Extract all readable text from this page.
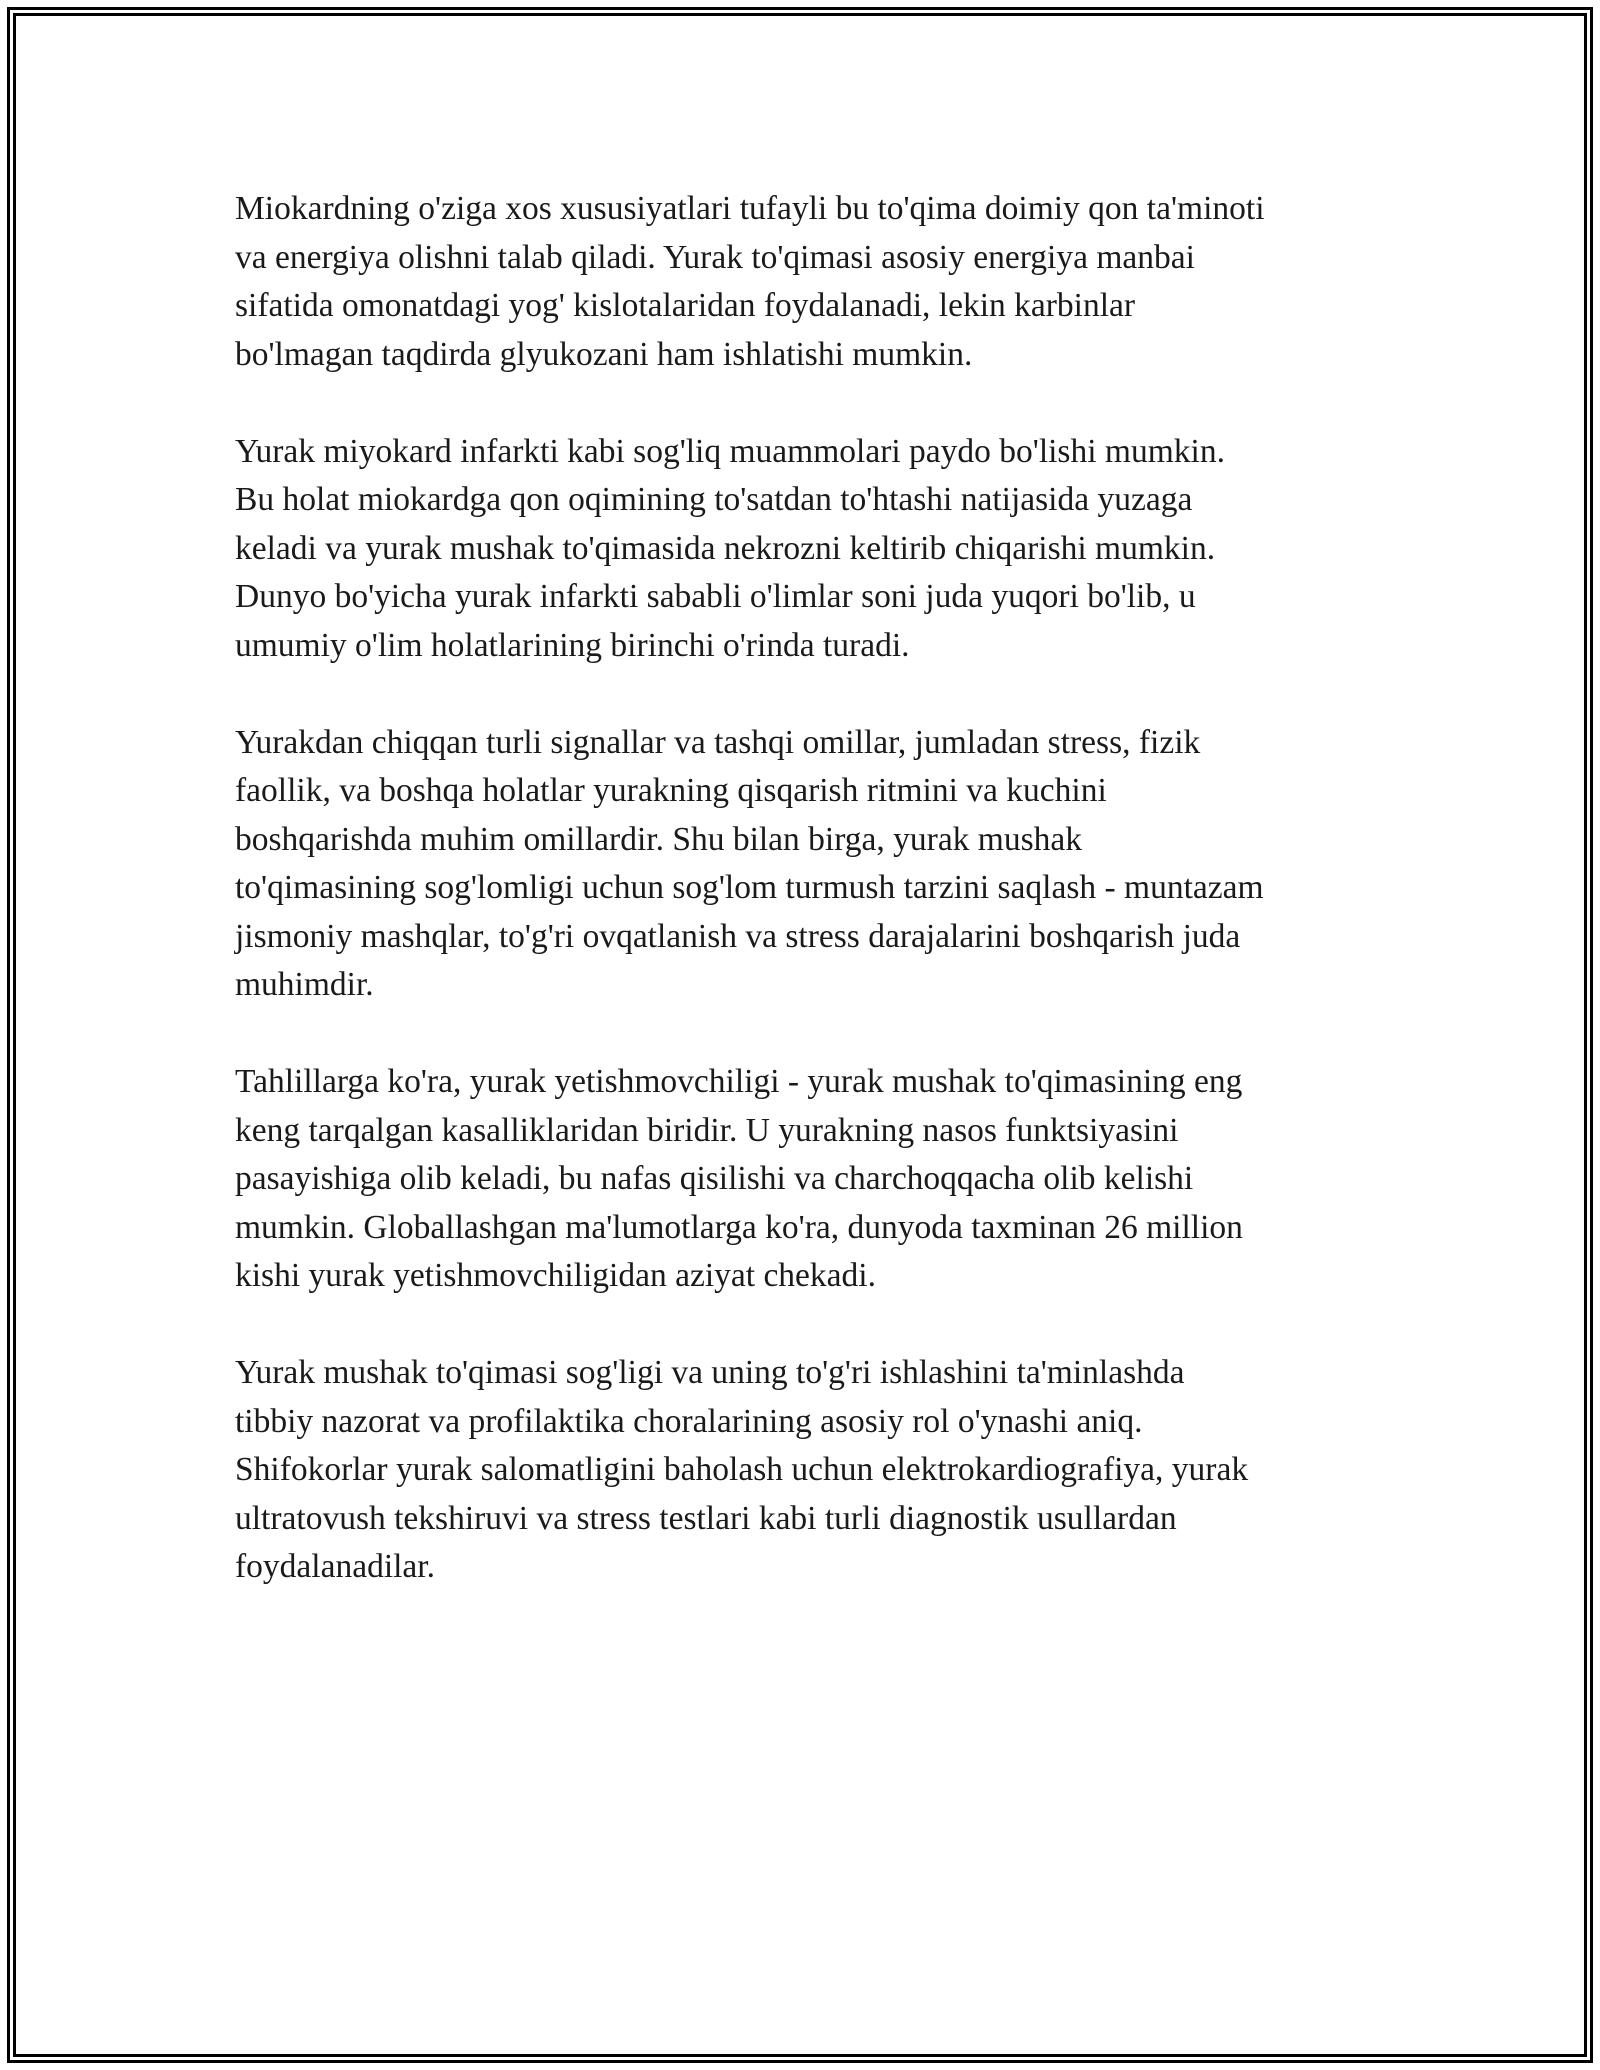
Miokardning o'ziga xos xususiyatlari tufayli bu to'qima doimiy qon ta'minoti
va energiya olishni talab qiladi. Yurak to'qimasi asosiy energiya manbai
sifatida omonatdagi yog' kislotalaridan foydalanadi, lekin karbinlar
bo'lmagan taqdirda glyukozani ham ishlatishi mumkin.

Yurak miyokard infarkti kabi sog'liq muammolari paydo bo'lishi mumkin.
Bu holat miokardga qon oqimining to'satdan to'htashi natijasida yuzaga
keladi va yurak mushak to'qimasida nekrozni keltirib chiqarishi mumkin.
Dunyo bo'yicha yurak infarkti sababli o'limlar soni juda yuqori bo'lib, u
umumiy o'lim holatlarining birinchi o'rinda turadi.

Yurakdan chiqqan turli signallar va tashqi omillar, jumladan stress, fizik
faollik, va boshqa holatlar yurakning qisqarish ritmini va kuchini
boshqarishda muhim omillardir. Shu bilan birga, yurak mushak
to'qimasining sog'lomligi uchun sog'lom turmush tarzini saqlash - muntazam
jismoniy mashqlar, to'g'ri ovqatlanish va stress darajalarini boshqarish juda
muhimdir.

Tahlillarga ko'ra, yurak yetishmovchiligi - yurak mushak to'qimasining eng
keng tarqalgan kasalliklaridan biridir. U yurakning nasos funktsiyasini
pasayishiga olib keladi, bu nafas qisilishi va charchoqqacha olib kelishi
mumkin. Globallashgan ma'lumotlarga ko'ra, dunyoda taxminan 26 million
kishi yurak yetishmovchiligidan aziyat chekadi.

Yurak mushak to'qimasi sog'ligi va uning to'g'ri ishlashini ta'minlashda
tibbiy nazorat va profilaktika choralarining asosiy rol o'ynashi aniq.
Shifokorlar yurak salomatligini baholash uchun elektrokardiografiya, yurak
ultratovush tekshiruvi va stress testlari kabi turli diagnostik usullardan
foydalanadilar.
